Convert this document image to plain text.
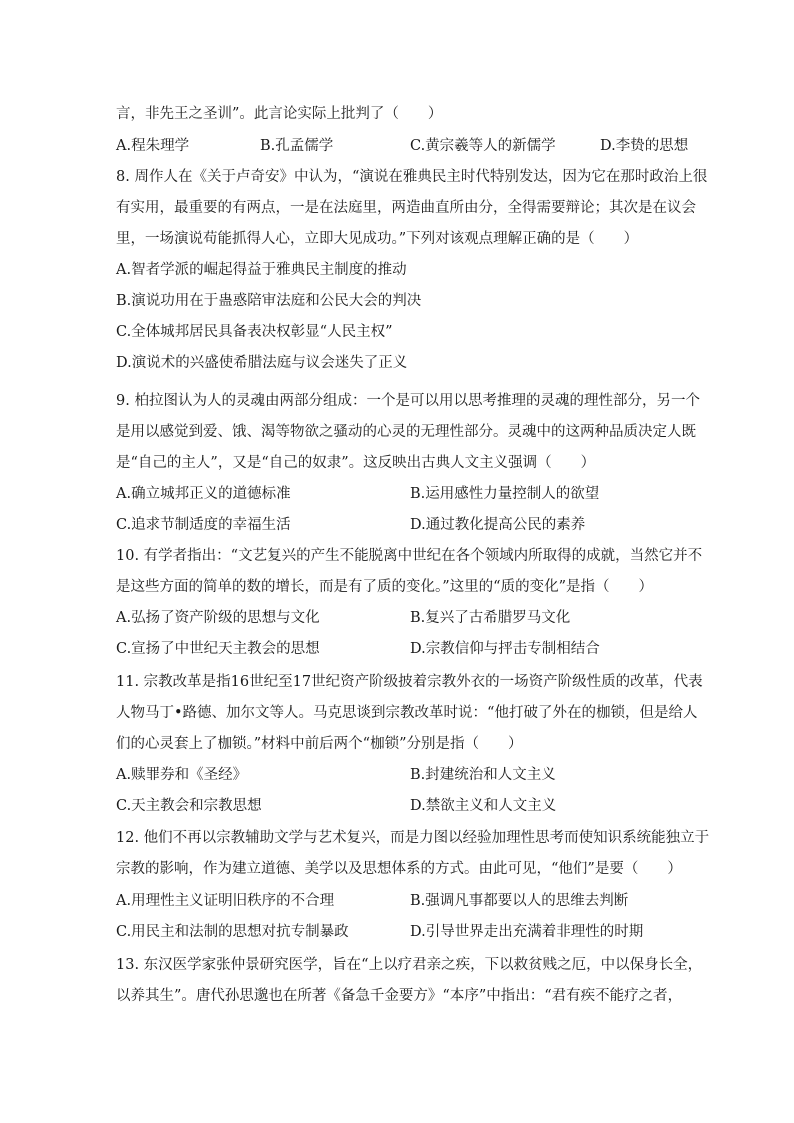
言，非先王之圣训”。此言论实际上批判了（　　）
A.程朱理学	B.孔孟儒学	C.黄宗羲等人的新儒学	D.李贽的思想
8. 周作人在《关于卢奇安》中认为，“演说在雅典民主时代特别发达，因为它在那时政治上很
有实用，最重要的有两点，一是在法庭里，两造曲直所由分，全得需要辩论；其次是在议会
里，一场演说苟能抓得人心，立即大见成功。”下列对该观点理解正确的是（　　）
A.智者学派的崛起得益于雅典民主制度的推动
B.演说功用在于蛊惑陪审法庭和公民大会的判决
C.全体城邦居民具备表决权彰显“人民主权”
D.演说术的兴盛使希腊法庭与议会迷失了正义
9. 柏拉图认为人的灵魂由两部分组成：一个是可以用以思考推理的灵魂的理性部分，另一个
是用以感觉到爱、饿、渴等物欲之骚动的心灵的无理性部分。灵魂中的这两种品质决定人既
是“自己的主人”，又是“自己的奴隶”。这反映出古典人文主义强调（　　）
A.确立城邦正义的道德标准	B.运用感性力量控制人的欲望
C.追求节制适度的幸福生活	D.通过教化提高公民的素养
10. 有学者指出：“文艺复兴的产生不能脱离中世纪在各个领域内所取得的成就，当然它并不
是这些方面的简单的数的增长，而是有了质的变化。”这里的“质的变化”是指（　　）
A.弘扬了资产阶级的思想与文化	B.复兴了古希腊罗马文化
C.宣扬了中世纪天主教会的思想	D.宗教信仰与抨击专制相结合
11. 宗教改革是指16世纪至17世纪资产阶级披着宗教外衣的一场资产阶级性质的改革，代表
人物马丁•路德、加尔文等人。马克思谈到宗教改革时说：“他打破了外在的枷锁，但是给人
们的心灵套上了枷锁。”材料中前后两个“枷锁”分别是指（　　）
A.赎罪券和《圣经》	B.封建统治和人文主义
C.天主教会和宗教思想	D.禁欲主义和人文主义
12. 他们不再以宗教辅助文学与艺术复兴，而是力图以经验加理性思考而使知识系统能独立于
宗教的影响，作为建立道德、美学以及思想体系的方式。由此可见，“他们”是要（　　）
A.用理性主义证明旧秩序的不合理	B.强调凡事都要以人的思维去判断
C.用民主和法制的思想对抗专制暴政	D.引导世界走出充满着非理性的时期
13. 东汉医学家张仲景研究医学，旨在“上以疗君亲之疾，下以救贫贱之厄，中以保身长全，
以养其生”。唐代孙思邈也在所著《备急千金要方》“本序”中指出：“君有疾不能疗之者，
